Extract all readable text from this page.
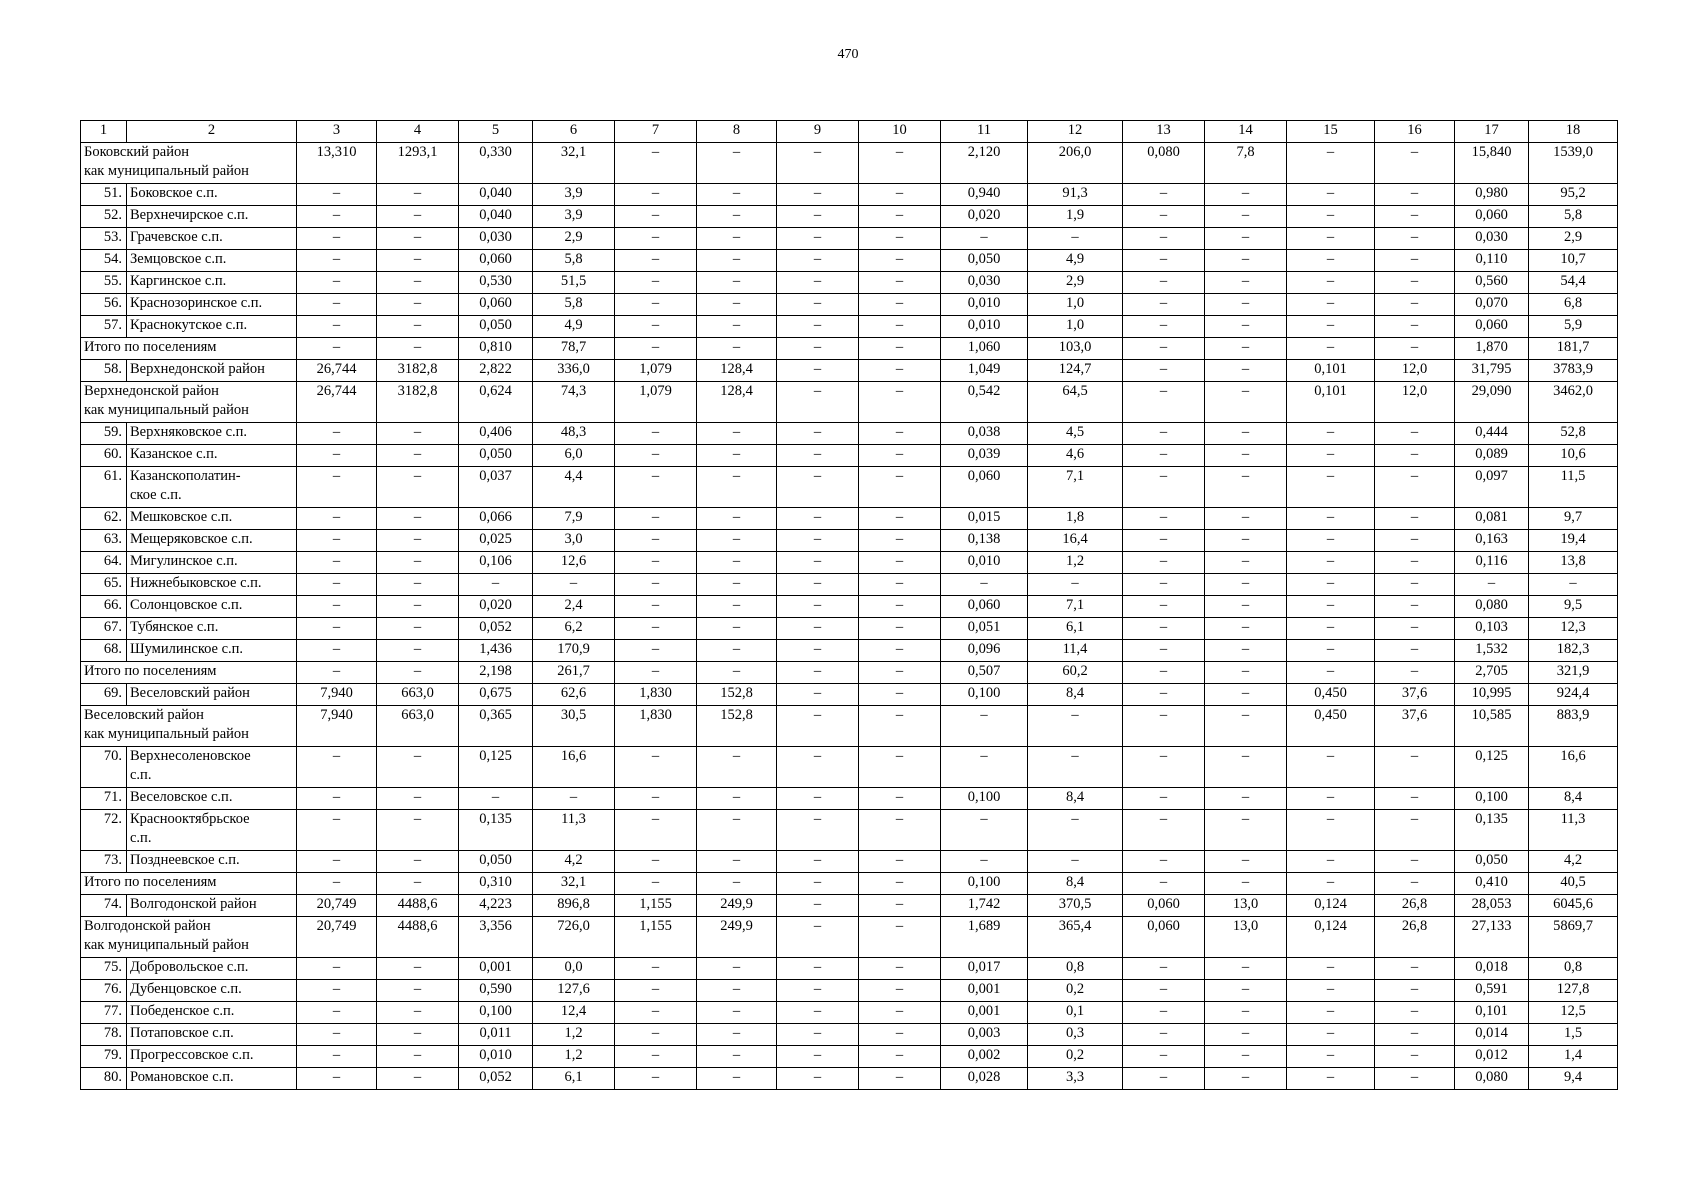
470
1	2	3	4	5	6	7	8	9	10	11	12	13	14	15	16	17	18
Боковский район
как муниципальный район		13,310	1293,1	0,330	32,1	–	–	–	–	2,120	206,0	0,080	7,8	–	–	15,840	1539,0
51.	Боковское с.п.	–	–	0,040	3,9	–	–	–	–	0,940	91,3	–	–	–	–	0,980	95,2
52.	Верхнечирское с.п.	–	–	0,040	3,9	–	–	–	–	0,020	1,9	–	–	–	–	0,060	5,8
53.	Грачевское с.п.	–	–	0,030	2,9	–	–	–	–	–	–	–	–	–	–	0,030	2,9
54.	Земцовское с.п.	–	–	0,060	5,8	–	–	–	–	0,050	4,9	–	–	–	–	0,110	10,7
55.	Каргинское с.п.	–	–	0,530	51,5	–	–	–	–	0,030	2,9	–	–	–	–	0,560	54,4
56.	Краснозоринское с.п.	–	–	0,060	5,8	–	–	–	–	0,010	1,0	–	–	–	–	0,070	6,8
57.	Краснокутское с.п.	–	–	0,050	4,9	–	–	–	–	0,010	1,0	–	–	–	–	0,060	5,9
Итого по поселениям		–	–	0,810	78,7	–	–	–	–	1,060	103,0	–	–	–	–	1,870	181,7
58.	Верхнедонской район	26,744	3182,8	2,822	336,0	1,079	128,4	–	–	1,049	124,7	–	–	0,101	12,0	31,795	3783,9
Верхнедонской район
как муниципальный район		26,744	3182,8	0,624	74,3	1,079	128,4	–	–	0,542	64,5	–	–	0,101	12,0	29,090	3462,0
59.	Верхняковское с.п.	–	–	0,406	48,3	–	–	–	–	0,038	4,5	–	–	–	–	0,444	52,8
60.	Казанское с.п.	–	–	0,050	6,0	–	–	–	–	0,039	4,6	–	–	–	–	0,089	10,6
61.	Казанскополатин-
ское с.п.	–	–	0,037	4,4	–	–	–	–	0,060	7,1	–	–	–	–	0,097	11,5
62.	Мешковское с.п.	–	–	0,066	7,9	–	–	–	–	0,015	1,8	–	–	–	–	0,081	9,7
63.	Мещеряковское с.п.	–	–	0,025	3,0	–	–	–	–	0,138	16,4	–	–	–	–	0,163	19,4
64.	Мигулинское с.п.	–	–	0,106	12,6	–	–	–	–	0,010	1,2	–	–	–	–	0,116	13,8
65.	Нижнебыковское с.п.	–	–	–	–	–	–	–	–	–	–	–	–	–	–	–	–
66.	Солонцовское с.п.	–	–	0,020	2,4	–	–	–	–	0,060	7,1	–	–	–	–	0,080	9,5
67.	Тубянское с.п.	–	–	0,052	6,2	–	–	–	–	0,051	6,1	–	–	–	–	0,103	12,3
68.	Шумилинское с.п.	–	–	1,436	170,9	–	–	–	–	0,096	11,4	–	–	–	–	1,532	182,3
Итого по поселениям		–	–	2,198	261,7	–	–	–	–	0,507	60,2	–	–	–	–	2,705	321,9
69.	Веселовский район	7,940	663,0	0,675	62,6	1,830	152,8	–	–	0,100	8,4	–	–	0,450	37,6	10,995	924,4
Веселовский район
как муниципальный район		7,940	663,0	0,365	30,5	1,830	152,8	–	–	–	–	–	–	0,450	37,6	10,585	883,9
70.	Верхнесоленовское
с.п.	–	–	0,125	16,6	–	–	–	–	–	–	–	–	–	–	0,125	16,6
71.	Веселовское с.п.	–	–	–	–	–	–	–	–	0,100	8,4	–	–	–	–	0,100	8,4
72.	Краснооктябрьское
с.п.	–	–	0,135	11,3	–	–	–	–	–	–	–	–	–	–	0,135	11,3
73.	Позднеевское с.п.	–	–	0,050	4,2	–	–	–	–	–	–	–	–	–	–	0,050	4,2
Итого по поселениям		–	–	0,310	32,1	–	–	–	–	0,100	8,4	–	–	–	–	0,410	40,5
74.	Волгодонской район	20,749	4488,6	4,223	896,8	1,155	249,9	–	–	1,742	370,5	0,060	13,0	0,124	26,8	28,053	6045,6
Волгодонской район
как муниципальный район		20,749	4488,6	3,356	726,0	1,155	249,9	–	–	1,689	365,4	0,060	13,0	0,124	26,8	27,133	5869,7
75.	Добровольское с.п.	–	–	0,001	0,0	–	–	–	–	0,017	0,8	–	–	–	–	0,018	0,8
76.	Дубенцовское с.п.	–	–	0,590	127,6	–	–	–	–	0,001	0,2	–	–	–	–	0,591	127,8
77.	Победенское с.п.	–	–	0,100	12,4	–	–	–	–	0,001	0,1	–	–	–	–	0,101	12,5
78.	Потаповское с.п.	–	–	0,011	1,2	–	–	–	–	0,003	0,3	–	–	–	–	0,014	1,5
79.	Прогрессовское с.п.	–	–	0,010	1,2	–	–	–	–	0,002	0,2	–	–	–	–	0,012	1,4
80.	Романовское с.п.	–	–	0,052	6,1	–	–	–	–	0,028	3,3	–	–	–	–	0,080	9,4
